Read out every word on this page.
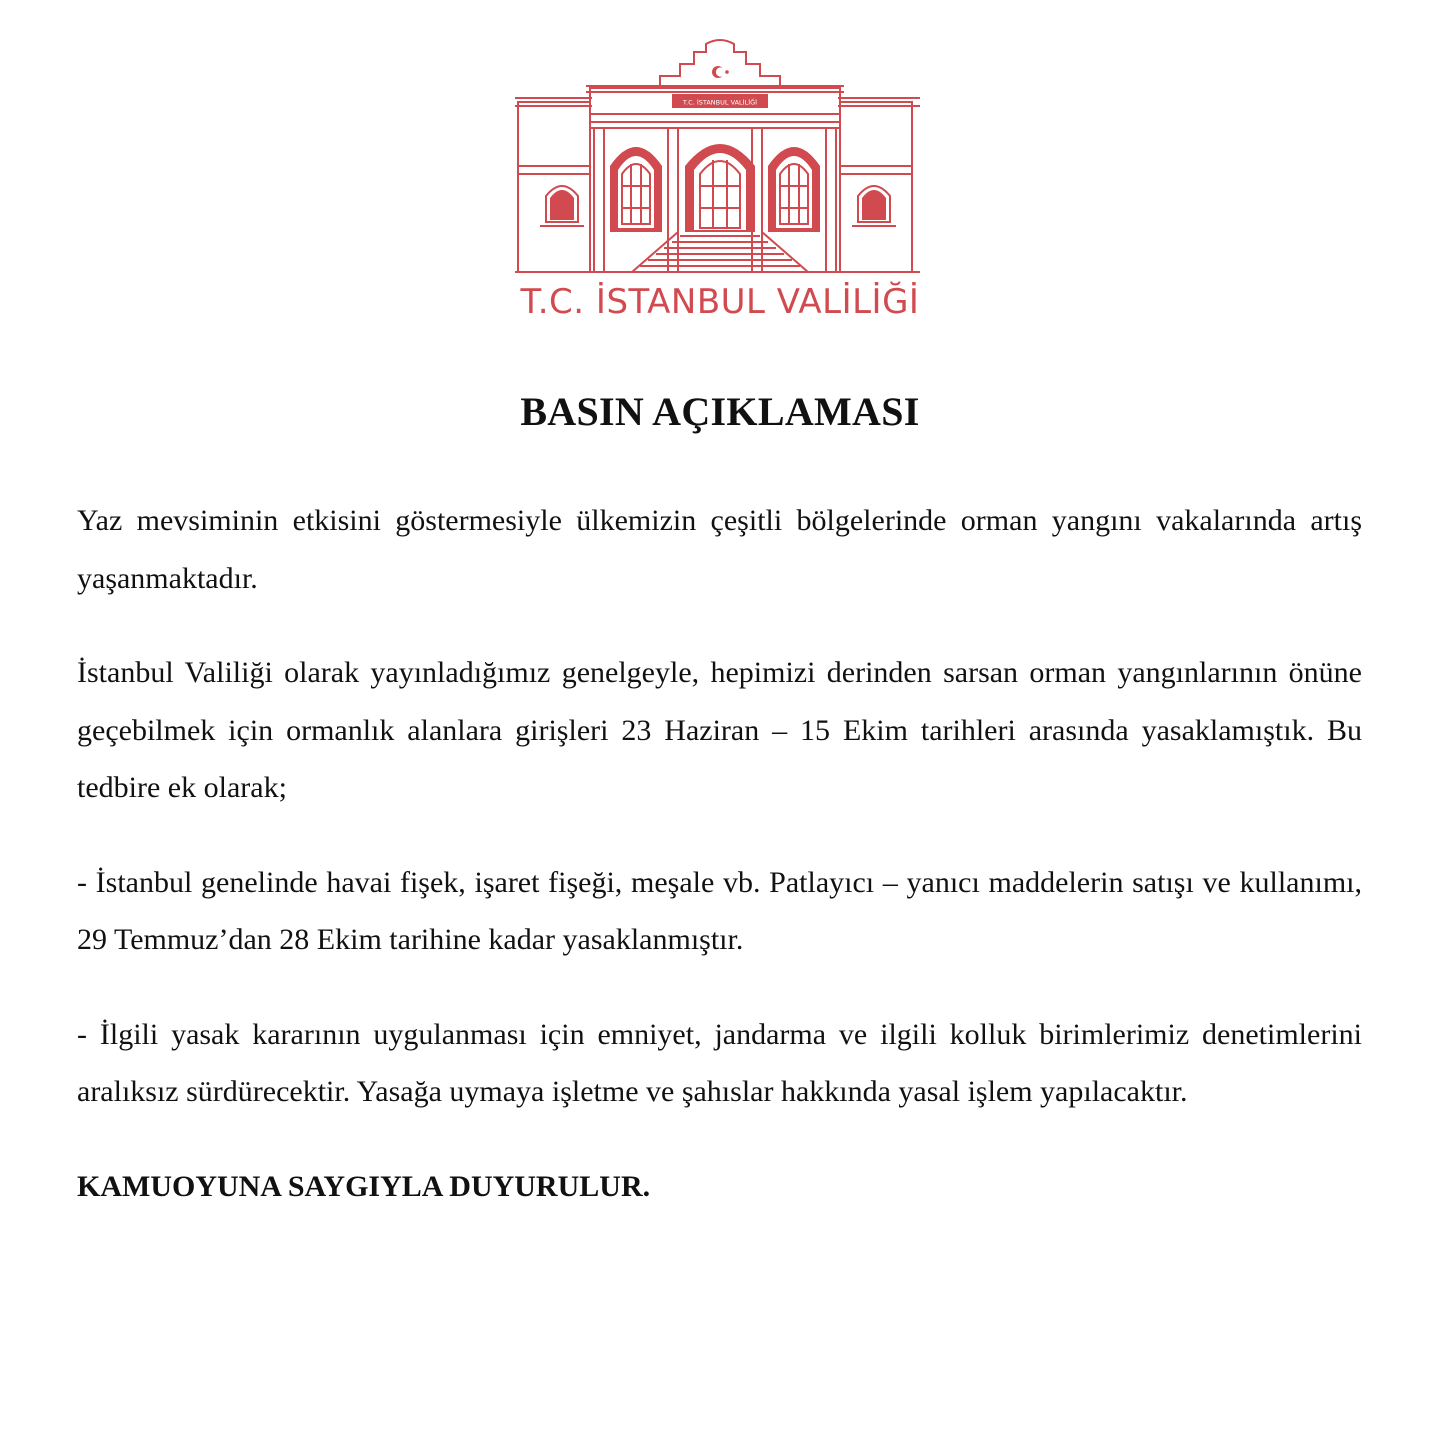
T.C. İSTANBUL VALİLİĞİ
T.C. İSTANBUL VALİLİĞİ
BASIN AÇIKLAMASI

Yaz mevsiminin etkisini göstermesiyle ülkemizin çeşitli bölgelerinde orman yangını vakalarında artış yaşanmaktadır.

İstanbul Valiliği olarak yayınladığımız genelgeyle, hepimizi derinden sarsan orman yangınlarının önüne geçebilmek için ormanlık alanlara girişleri 23 Haziran – 15 Ekim tarihleri arasında yasaklamıştık. Bu tedbire ek olarak;

- İstanbul genelinde havai fişek, işaret fişeği, meşale vb. Patlayıcı – yanıcı maddelerin satışı ve kullanımı, 29 Temmuz’dan 28 Ekim tarihine kadar yasaklanmıştır.

- İlgili yasak kararının uygulanması için emniyet, jandarma ve ilgili kolluk birimlerimiz denetimlerini aralıksız sürdürecektir. Yasağa uymaya işletme ve şahıslar hakkında yasal işlem yapılacaktır.

KAMUOYUNA SAYGIYLA DUYURULUR.
